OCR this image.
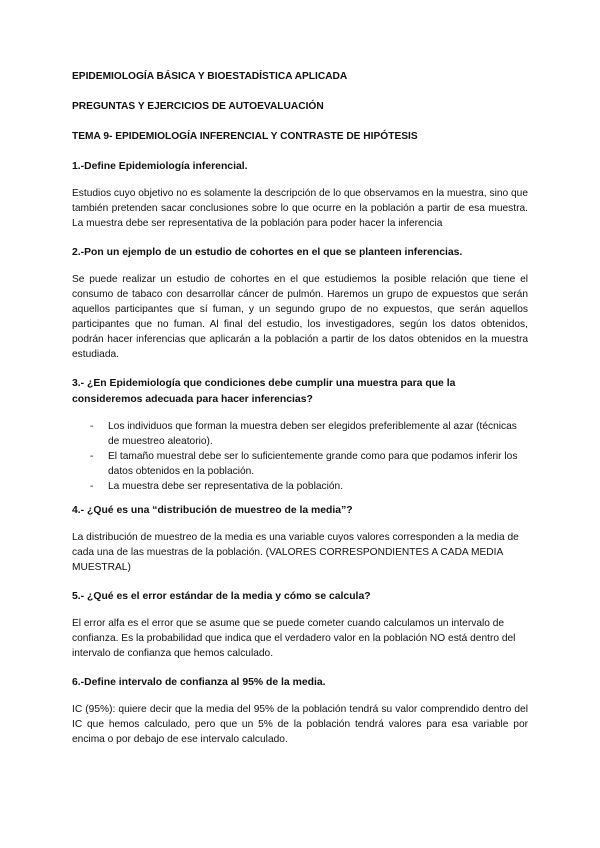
EPIDEMIOLOGÍA BÁSICA Y BIOESTADÍSTICA APLICADA

PREGUNTAS Y EJERCICIOS DE AUTOEVALUACIÓN

TEMA 9- EPIDEMIOLOGÍA INFERENCIAL Y CONTRASTE DE HIPÓTESIS

1.-Define Epidemiología inferencial.

Estudios cuyo objetivo no es solamente la descripción de lo que observamos en la muestra, sino que también pretenden sacar conclusiones sobre lo que ocurre en la población a partir de esa muestra. La muestra debe ser representativa de la población para poder hacer la inferencia

2.-Pon un ejemplo de un estudio de cohortes en el que se planteen inferencias.

Se puede realizar un estudio de cohortes en el que estudiemos la posible relación que tiene el consumo de tabaco con desarrollar cáncer de pulmón. Haremos un grupo de expuestos que serán aquellos participantes que sí fuman, y un segundo grupo de no expuestos, que serán aquellos participantes que no fuman. Al final del estudio, los investigadores, según los datos obtenidos, podrán hacer inferencias que aplicarán a la población a partir de los datos obtenidos en la muestra estudiada.

3.- ¿En Epidemiología que condiciones debe cumplir una muestra para que la consideremos adecuada para hacer inferencias?

- Los individuos que forman la muestra deben ser elegidos preferiblemente al azar (técnicas de muestreo aleatorio).
- El tamaño muestral debe ser lo suficientemente grande como para que podamos inferir los datos obtenidos en la población.
- La muestra debe ser representativa de la población.

4.- ¿Qué es una “distribución de muestreo de la media”?

La distribución de muestreo de la media es una variable cuyos valores corresponden a la media de cada una de las muestras de la población. (VALORES CORRESPONDIENTES A CADA MEDIA MUESTRAL)

5.- ¿Qué es el error estándar de la media y cómo se calcula?

El error alfa es el error que se asume que se puede cometer cuando calculamos un intervalo de confianza. Es la probabilidad que indica que el verdadero valor en la población NO está dentro del intervalo de confianza que hemos calculado.

6.-Define intervalo de confianza al 95% de la media.

IC (95%): quiere decir que la media del 95% de la población tendrá su valor comprendido dentro del IC que hemos calculado, pero que un 5% de la población tendrá valores para esa variable por encima o por debajo de ese intervalo calculado.
